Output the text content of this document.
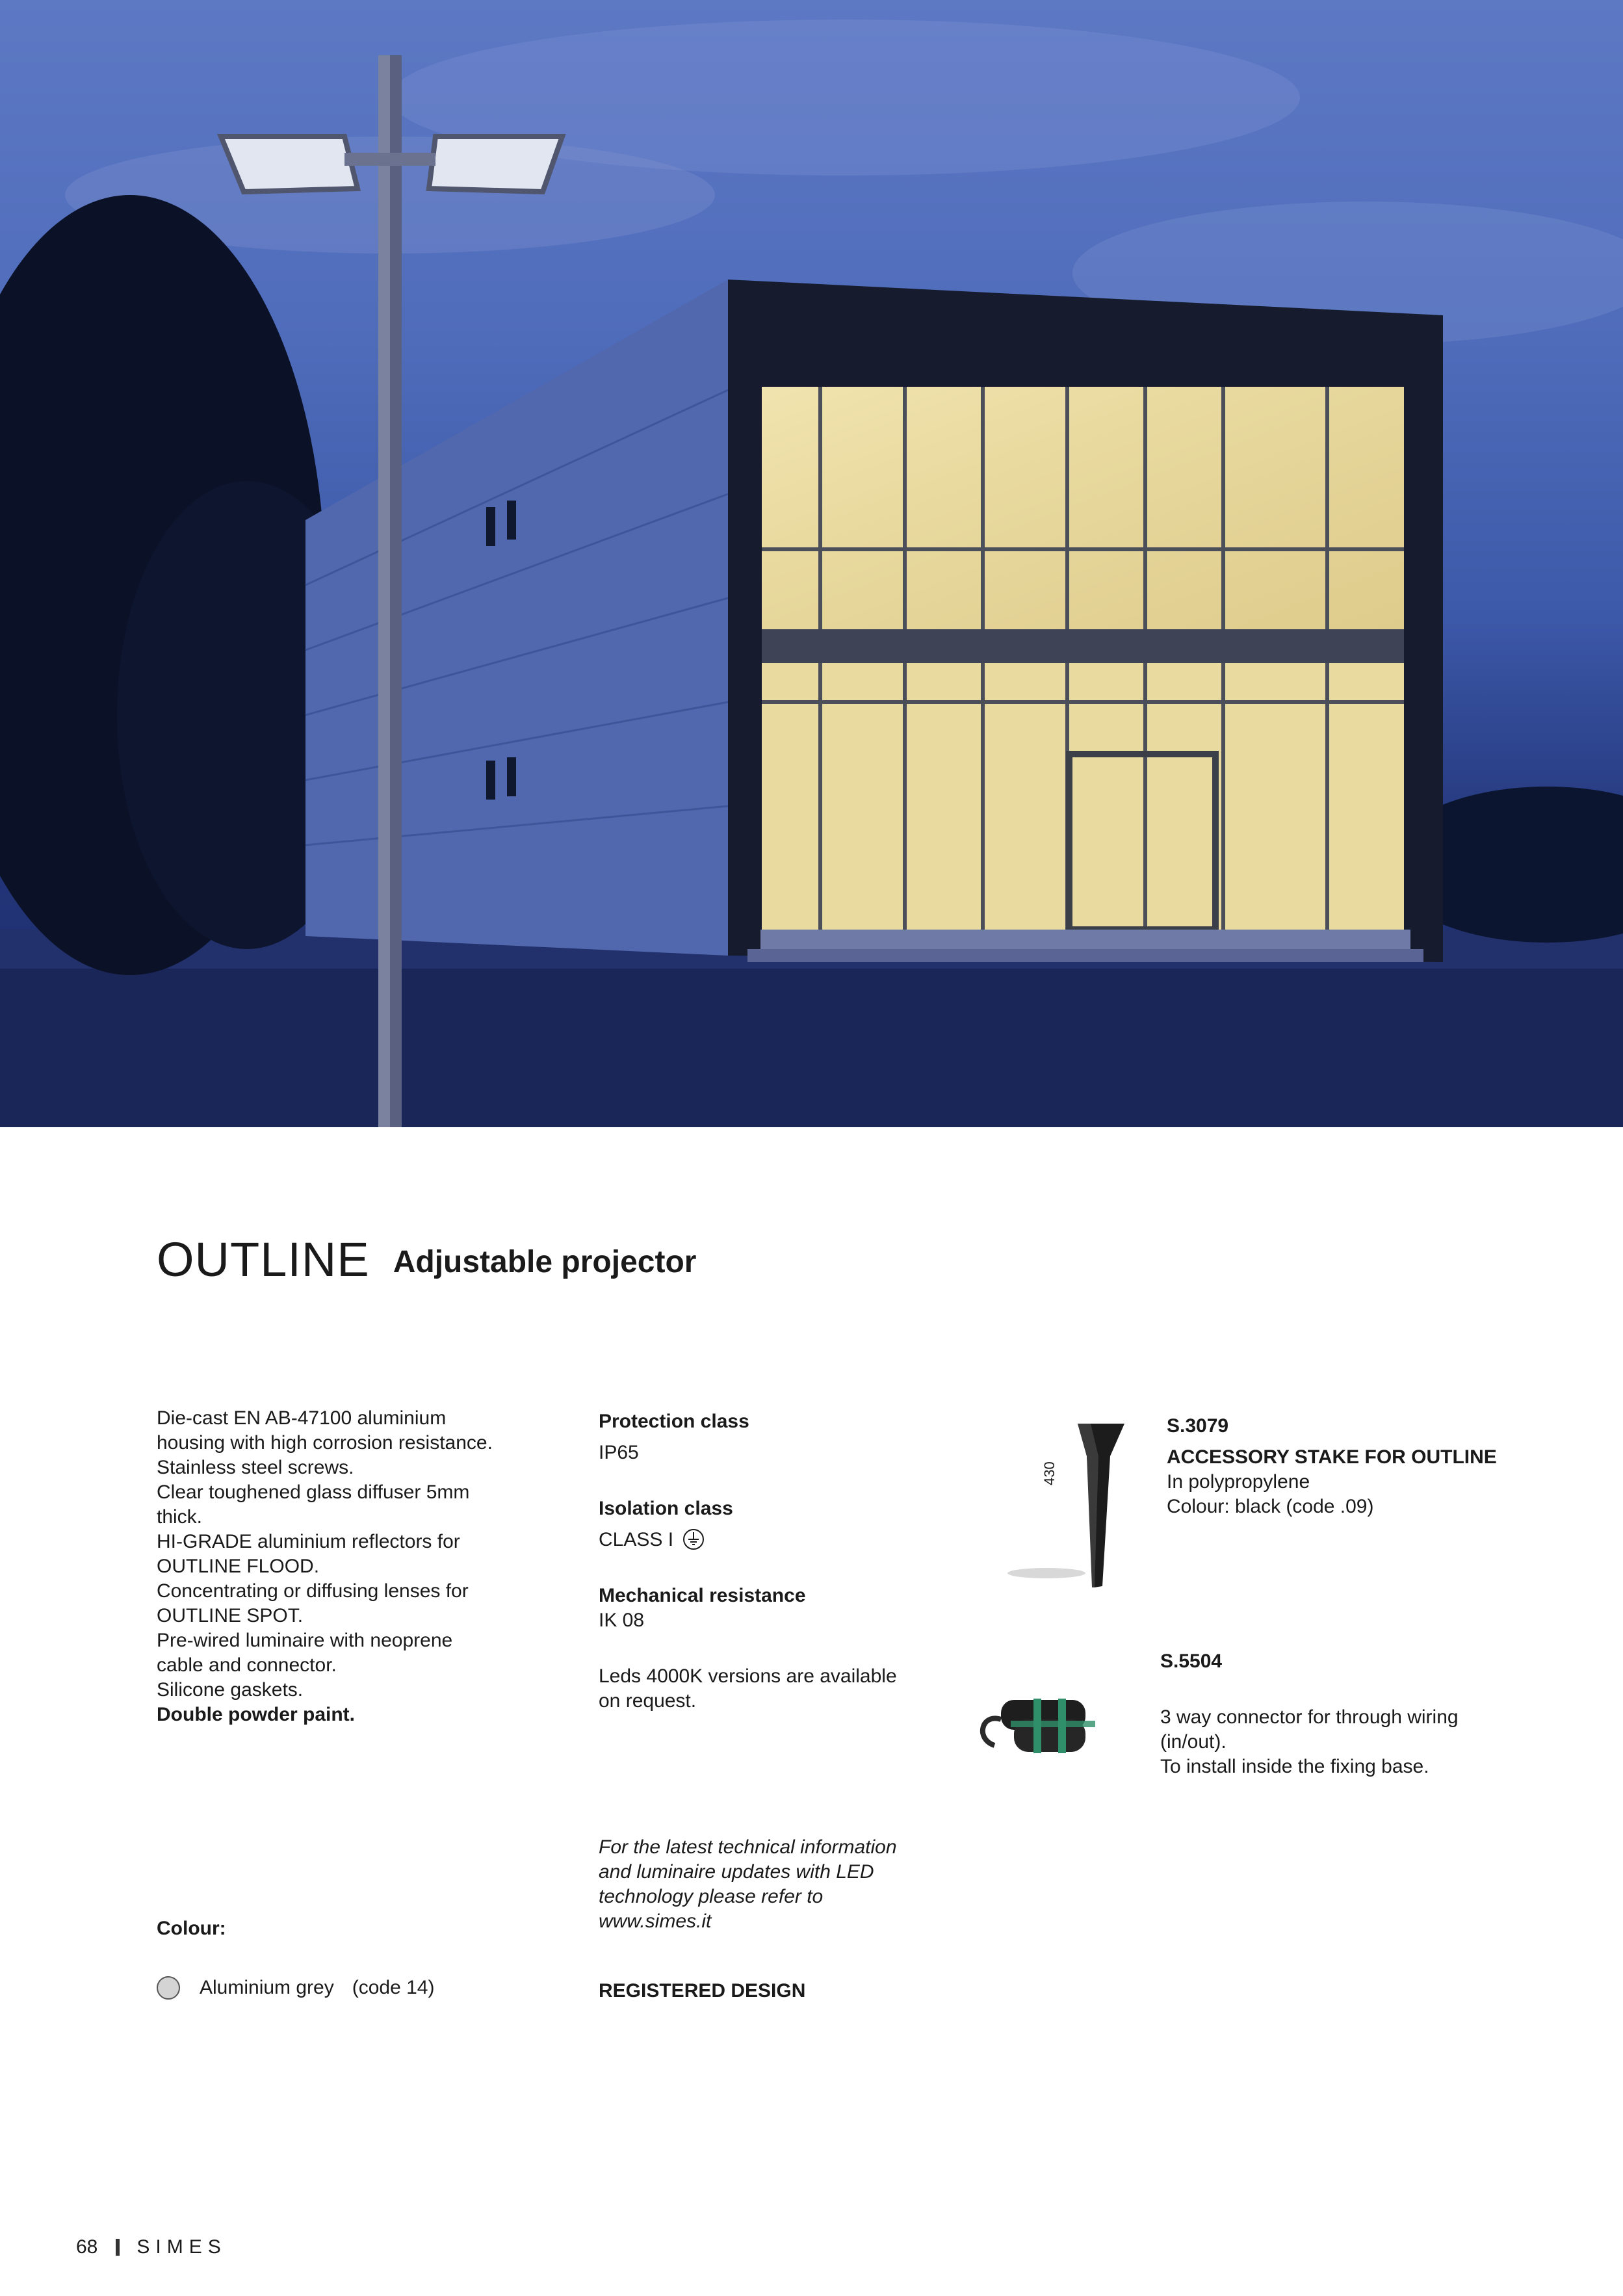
OUTLINE Adjustable projector
Die-cast EN AB-47100 aluminium
housing with high corrosion resistance.
Stainless steel screws.
Clear toughened glass diffuser 5mm
thick.
HI-GRADE aluminium reflectors for
OUTLINE FLOOD.
Concentrating or diffusing lenses for
OUTLINE SPOT.
Pre-wired luminaire with neoprene
cable and connector.
Silicone gaskets.
Double powder paint.
Protection class
IP65
Isolation class
CLASS I
Mechanical resistance
IK 08
Leds 4000K versions are available
on request.
430
S.3079
ACCESSORY STAKE FOR OUTLINE
In polypropylene
Colour: black (code .09)
S.5504
3 way connector for through wiring
(in/out).
To install inside the fixing base.
For the latest technical information
and luminaire updates with LED
technology please refer to
www.simes.it
REGISTERED DESIGN
Colour:
Aluminium grey (code 14)
68 SIMES
